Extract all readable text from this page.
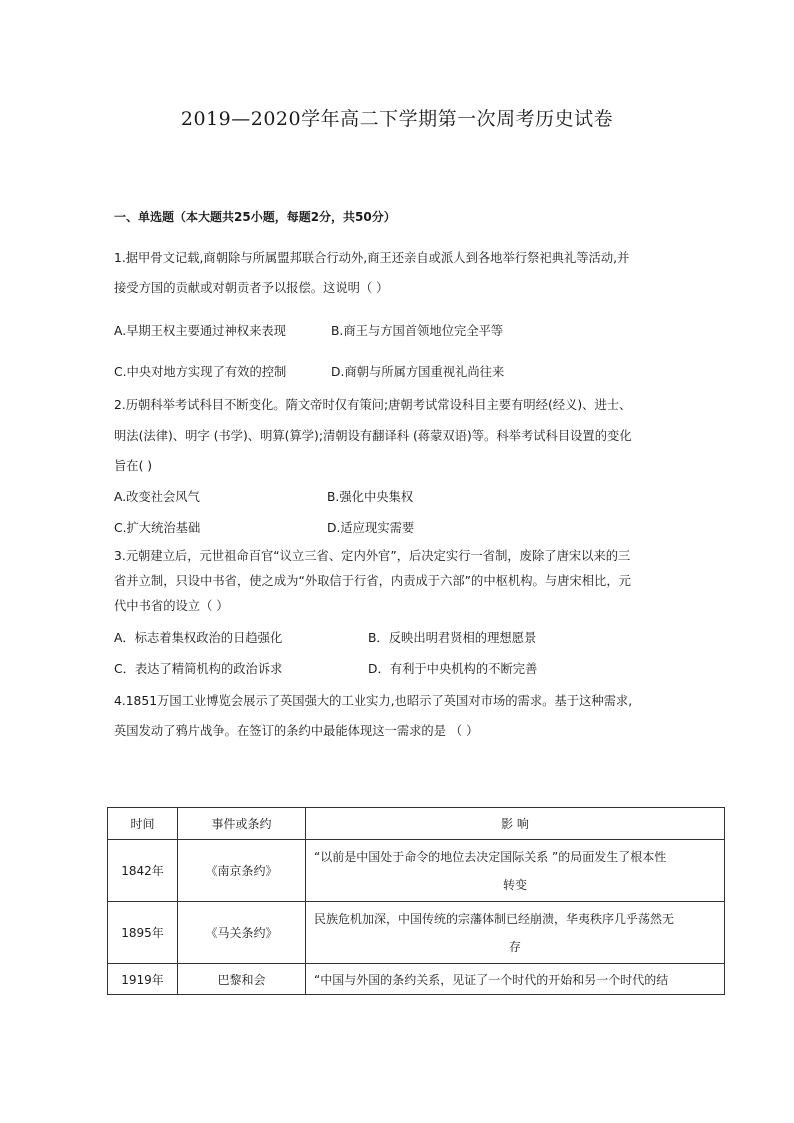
2019—2020学年高二下学期第一次周考历史试卷
一、单选题（本大题共25小题，每题2分，共50分）
1.据甲骨文记载,商朝除与所属盟邦联合行动外,商王还亲自或派人到各地举行祭祀典礼等活动,并
接受方国的贡献或对朝贡者予以报偿。这说明（ ）
A.早期王权主要通过神权来表现	B.商王与方国首领地位完全平等
C.中央对地方实现了有效的控制	D.商朝与所属方国重视礼尚往来
2.历朝科举考试科目不断变化。隋文帝时仅有策问;唐朝考试常设科目主要有明经(经义)、进士、
明法(法律)、明字 (书学)、明算(算学);清朝设有翻译科 (蒋蒙双语)等。科举考试科目设置的变化
旨在( )
A.改变社会风气	B.强化中央集权
C.扩大统治基础	D.适应现实需要
3.元朝建立后，元世祖命百官“议立三省、定内外官”，后决定实行一省制，废除了唐宋以来的三
省并立制，只设中书省，使之成为“外取信于行省，内责成于六部”的中枢机构。与唐宋相比，元
代中书省的设立（ ）
A．标志着集权政治的日趋强化	B．反映出明君贤相的理想愿景
C．表达了精简机构的政治诉求	D．有利于中央机构的不断完善
4.1851万国工业博览会展示了英国强大的工业实力,也昭示了英国对市场的需求。基于这种需求,
英国发动了鸦片战争。在签订的条约中最能体现这一需求的是 （ ）
时间	事件或条约	影 响
1842年	《南京条约》	“以前是中国处于命令的地位去决定国际关系 ”的局面发生了根本性
转变

1895年	《马关条约》	民族危机加深，中国传统的宗藩体制已经崩溃，华夷秩序几乎荡然无
存

1919年	巴黎和会	“中国与外国的条约关系，见证了一个时代的开始和另一个时代的结
